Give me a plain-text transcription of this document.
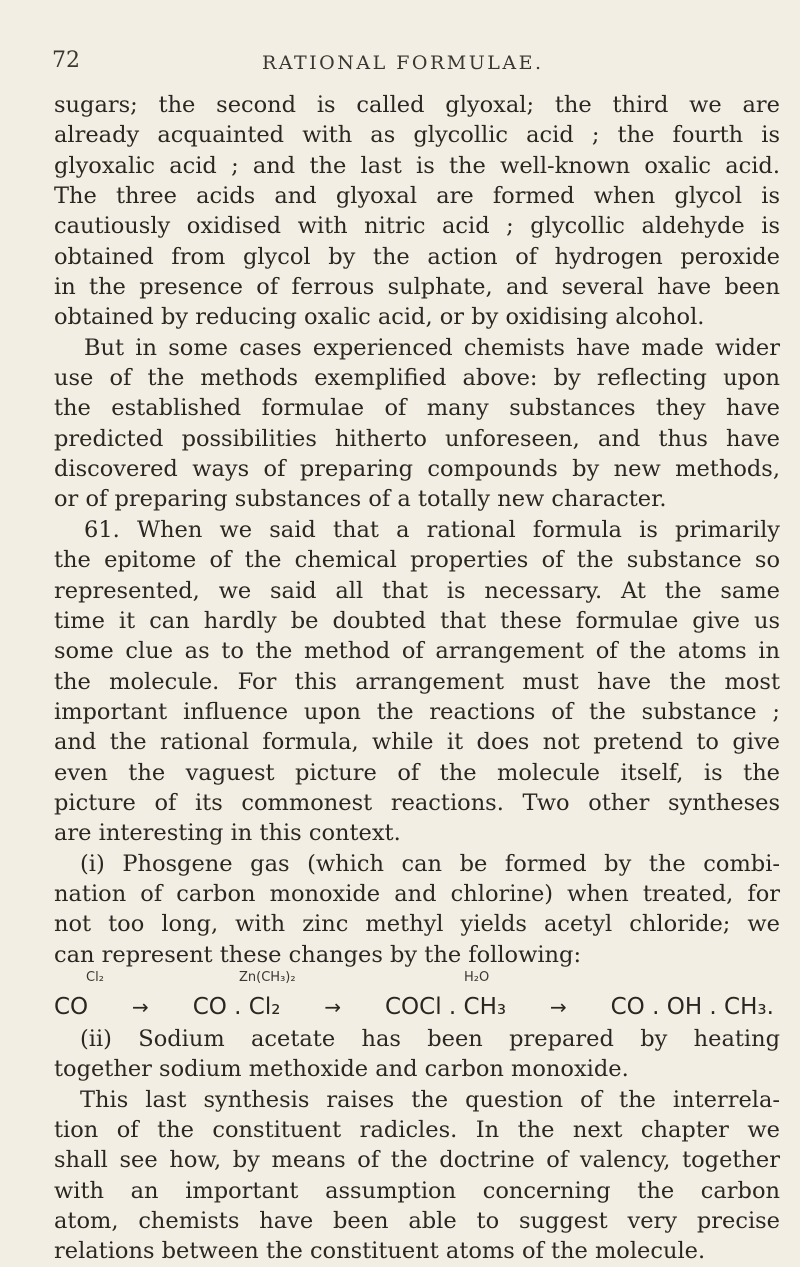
72	RATIONAL FORMULAE.
sugars; the second is called glyoxal; the third we are
already acquainted with as glycollic acid ; the fourth is
glyoxalic acid ; and the last is the well-known oxalic acid.
The three acids and glyoxal are formed when glycol is
cautiously oxidised with nitric acid ; glycollic aldehyde is
obtained from glycol by the action of hydrogen peroxide
in the presence of ferrous sulphate, and several have been
obtained by reducing oxalic acid, or by oxidising alcohol.
But in some cases experienced chemists have made wider
use of the methods exemplified above: by reflecting upon
the established formulae of many substances they have
predicted possibilities hitherto unforeseen, and thus have
discovered ways of preparing compounds by new methods,
or of preparing substances of a totally new character.
61. When we said that a rational formula is primarily
the epitome of the chemical properties of the substance so
represented, we said all that is necessary. At the same
time it can hardly be doubted that these formulae give us
some clue as to the method of arrangement of the atoms in
the molecule. For this arrangement must have the most
important influence upon the reactions of the substance ;
and the rational formula, while it does not pretend to give
even the vaguest picture of the molecule itself, is the
picture of its commonest reactions. Two other syntheses
are interesting in this context.
(i) Phosgene gas (which can be formed by the combi-
nation of carbon monoxide and chlorine) when treated, for
not too long, with zinc methyl yields acetyl chloride; we
can represent these changes by the following:
Cl₂	Zn(CH₃)₂	H₂O
CO → CO . Cl₂ → COCl . CH₃ → CO . OH . CH₃.
(ii) Sodium acetate has been prepared by heating
together sodium methoxide and carbon monoxide.
This last synthesis raises the question of the interrela-
tion of the constituent radicles. In the next chapter we
shall see how, by means of the doctrine of valency, together
with an important assumption concerning the carbon
atom, chemists have been able to suggest very precise
relations between the constituent atoms of the molecule.
